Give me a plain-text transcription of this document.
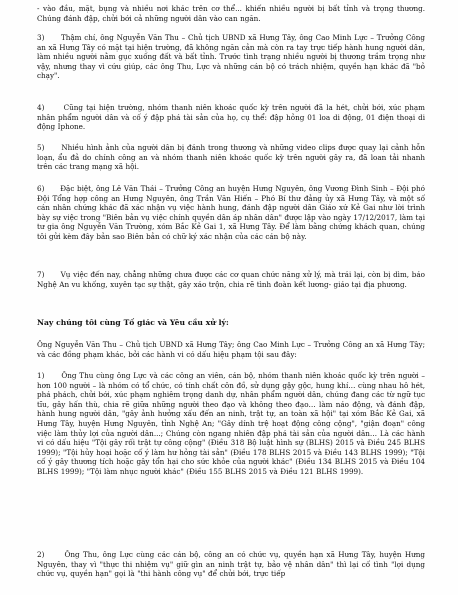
- vào đầu, mặt, bụng và nhiều nơi khác trên cơ thể... khiến nhiều người bị bất tỉnh và trọng thương. Chúng đánh đập, chửi bới cả những người dân vào can ngăn.

3)      Thậm chí, ông Nguyễn Văn Thu – Chủ tịch UBND xã Hưng Tây, ông Cao Minh Lực – Trưởng Công an xã Hưng Tây có mặt tại hiện trường, đã không ngăn cản mà còn ra tay trực tiếp hành hung người dân, làm nhiều người nằm gục xuống đất và bất tỉnh. Trước tình trạng nhiều người bị thương trầm trọng như vậy, nhưng thay vì cứu giúp, các ông Thu, Lực và những cán bộ có trách nhiệm, quyền hạn khác đã "bỏ chạy".

4)      Cũng tại hiện trường, nhóm thanh niên khoác quốc kỳ trên người đã la hét, chửi bới, xúc phạm nhân phẩm người dân và cố ý đập phá tài sản của họ, cụ thể: đập hỏng 01 loa di động, 01 điện thoại di động Iphone.

5)      Nhiều hình ảnh của người dân bị đánh trong thương và những video clips được quay lại cảnh hỗn loạn, ẩu đả do chính công an và nhóm thanh niên khoác quốc kỳ trên người gây ra, đã loan tải nhanh trên các trang mạng xã hội.

6)      Đặc biệt, ông Lê Văn Thái – Trưởng Công an huyện Hưng Nguyên, ông Vương Đình Sinh – Đội phó Đội Tổng hợp công an Hưng Nguyên, ông Trần Văn Hiến – Phó Bí thư đảng ủy xã Hưng Tây, và một số cán nhân chứng khác đã xác nhận vụ việc hành hung, đánh đập người dân Giáo xứ Kẻ Gai như lời trình bày sự việc trong "Biên bản vụ việc chính quyền dân áp nhân dân" được lập vào ngày 17/12/2017, làm tại tư gia ông Nguyễn Văn Trường, xóm Bắc Kẻ Gai 1, xã Hưng Tây. Để làm bằng chứng khách quan, chúng tôi gửi kèm đây bản sao Biên bản có chữ ký xác nhận của các cán bộ này.

7)      Vụ việc đến nay, chẳng những chưa được các cơ quan chức năng xử lý, mà trái lại, còn bị dìm, báo Nghệ An vu khống, xuyên tạc sự thật, gây xáo trộn, chia rẽ tình đoàn kết lương- giáo tại địa phương.

Nay chúng tôi cùng Tố giác và Yêu cầu xử lý:

Ông Nguyễn Văn Thu – Chủ tịch UBND xã Hưng Tây; ông Cao Minh Lực – Trưởng Công an xã Hưng Tây; và các đồng phạm khác, bởi các hành vi có dấu hiệu phạm tội sau đây:

1)      Ông Thu cùng ông Lực và các công an viên, cán bộ, nhóm thanh niên khoác quốc kỳ trên người – hơn 100 người – là nhóm có tổ chức, có tính chất côn đồ, sử dụng gậy gộc, hung khí… cùng nhau hô hét, phá phách, chửi bới, xúc phạm nghiêm trọng danh dự, nhân phẩm người dân, chúng đang các từ ngữ tục tĩu, gây hấn thù, chia rẽ giữa những người theo đạo và không theo đạo… làm náo động, và đánh đập, hành hung người dân, "gây ảnh hưởng xấu đến an ninh, trật tự, an toàn xã hội" tại xóm Bắc Kẻ Gai, xã Hưng Tây, huyện Hưng Nguyên, tỉnh Nghệ An; "Gây dính trệ hoạt động công cộng", "giận đoạn" công việc làm thủy lợi của người dân...; Chúng còn ngang nhiên đập phá tài sản của người dân… Là các hành vi có dấu hiệu "Tội gây rối trật tự công cộng" (Điều 318 Bộ luật hình sự (BLHS) 2015 và Điều 245 BLHS 1999); "Tội hủy hoại hoặc cố ý làm hư hỏng tài sản" (Điều 178 BLHS 2015 và Điều 143 BLHS 1999); "Tội cố ý gây thương tích hoặc gây tổn hại cho sức khỏe của người khác" (Điều 134 BLHS 2015 và Điều 104 BLHS 1999); "Tội làm nhục người khác" (Điều 155 BLHS 2015 và Điều 121 BLHS 1999).

2)      Ông Thu, ông Lực cùng các cán bộ, công an có chức vụ, quyền hạn xã Hưng Tây, huyện Hưng Nguyên, thay vì "thực thi nhiệm vụ" giữ gìn an ninh trật tự, bảo vệ nhân dân" thì lại cố tình "lợi dụng chức vụ, quyền hạn" gọi là "thi hành công vụ" để chửi bới, trực tiếp
